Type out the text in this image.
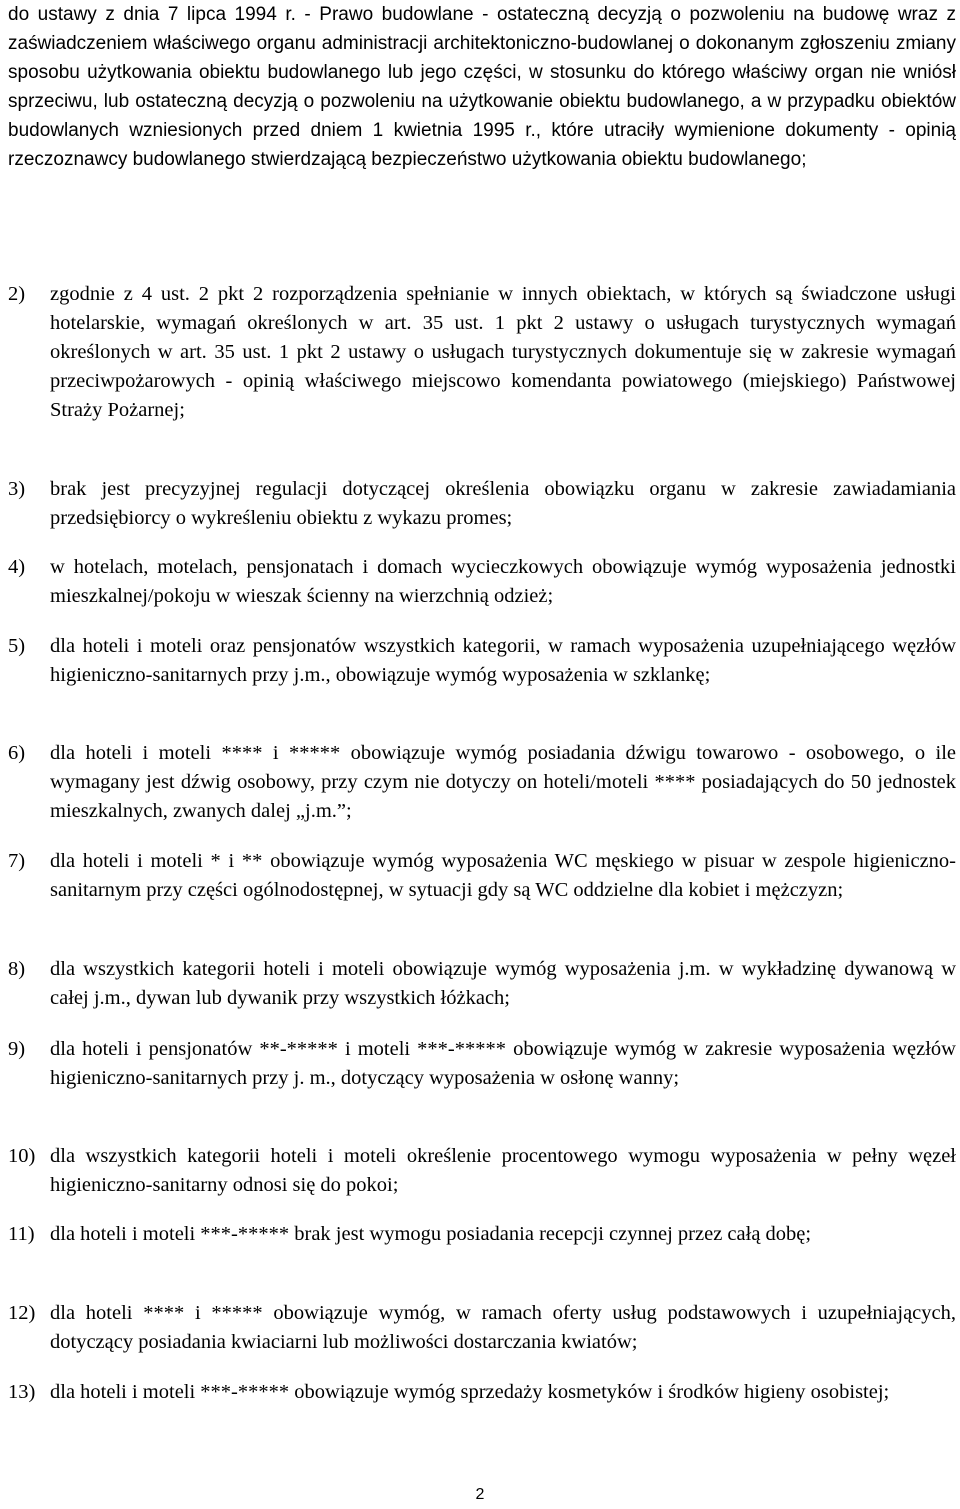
do ustawy z dnia 7 lipca 1994 r. - Prawo budowlane - ostateczną decyzją o pozwoleniu na budowę wraz z zaświadczeniem właściwego organu administracji architektoniczno-budowlanej o dokonanym zgłoszeniu zmiany sposobu użytkowania obiektu budowlanego lub jego części, w stosunku do którego właściwy organ nie wniósł sprzeciwu, lub ostateczną decyzją o pozwoleniu na użytkowanie obiektu budowlanego, a w przypadku obiektów budowlanych wzniesionych przed dniem 1 kwietnia 1995 r., które utraciły wymienione dokumenty - opinią rzeczoznawcy budowlanego stwierdzającą bezpieczeństwo użytkowania obiektu budowlanego;

2) zgodnie z 4 ust. 2 pkt 2 rozporządzenia spełnianie w innych obiektach, w których są świadczone usługi hotelarskie, wymagań określonych w art. 35 ust. 1 pkt 2 ustawy o usługach turystycznych wymagań określonych w art. 35 ust. 1 pkt 2 ustawy o usługach turystycznych dokumentuje się w zakresie wymagań przeciwpożarowych - opinią właściwego miejscowo komendanta powiatowego (miejskiego) Państwowej Straży Pożarnej;
3) brak jest precyzyjnej regulacji dotyczącej określenia obowiązku organu w zakresie zawiadamiania przedsiębiorcy o wykreśleniu obiektu z wykazu promes;
4) w hotelach, motelach, pensjonatach i domach wycieczkowych obowiązuje wymóg wyposażenia jednostki mieszkalnej/pokoju w wieszak ścienny na wierzchnią odzież;
5) dla hoteli i moteli oraz pensjonatów wszystkich kategorii, w ramach wyposażenia uzupełniającego węzłów higieniczno-sanitarnych przy j.m., obowiązuje wymóg wyposażenia w szklankę;
6) dla hoteli i moteli **** i ***** obowiązuje wymóg posiadania dźwigu towarowo - osobowego, o ile wymagany jest dźwig osobowy, przy czym nie dotyczy on hoteli/moteli **** posiadających do 50 jednostek mieszkalnych, zwanych dalej „j.m.”;
7) dla hoteli i moteli * i ** obowiązuje wymóg wyposażenia WC męskiego w pisuar w zespole higieniczno-sanitarnym przy części ogólnodostępnej, w sytuacji gdy są WC oddzielne dla kobiet i mężczyzn;
8) dla wszystkich kategorii hoteli i moteli obowiązuje wymóg wyposażenia j.m. w wykładzinę dywanową w całej j.m., dywan lub dywanik przy wszystkich łóżkach;
9) dla hoteli i pensjonatów **-***** i moteli ***-***** obowiązuje wymóg w zakresie wyposażenia węzłów higieniczno-sanitarnych przy j. m., dotyczący wyposażenia w osłonę wanny;
10) dla wszystkich kategorii hoteli i moteli określenie procentowego wymogu wyposażenia w pełny węzeł higieniczno-sanitarny odnosi się do pokoi;
11) dla hoteli i moteli ***-***** brak jest wymogu posiadania recepcji czynnej przez całą dobę;
12) dla hoteli **** i ***** obowiązuje wymóg, w ramach oferty usług podstawowych i uzupełniających, dotyczący posiadania kwiaciarni lub możliwości dostarczania kwiatów;
13) dla hoteli i moteli ***-***** obowiązuje wymóg sprzedaży kosmetyków i środków higieny osobistej;
2
